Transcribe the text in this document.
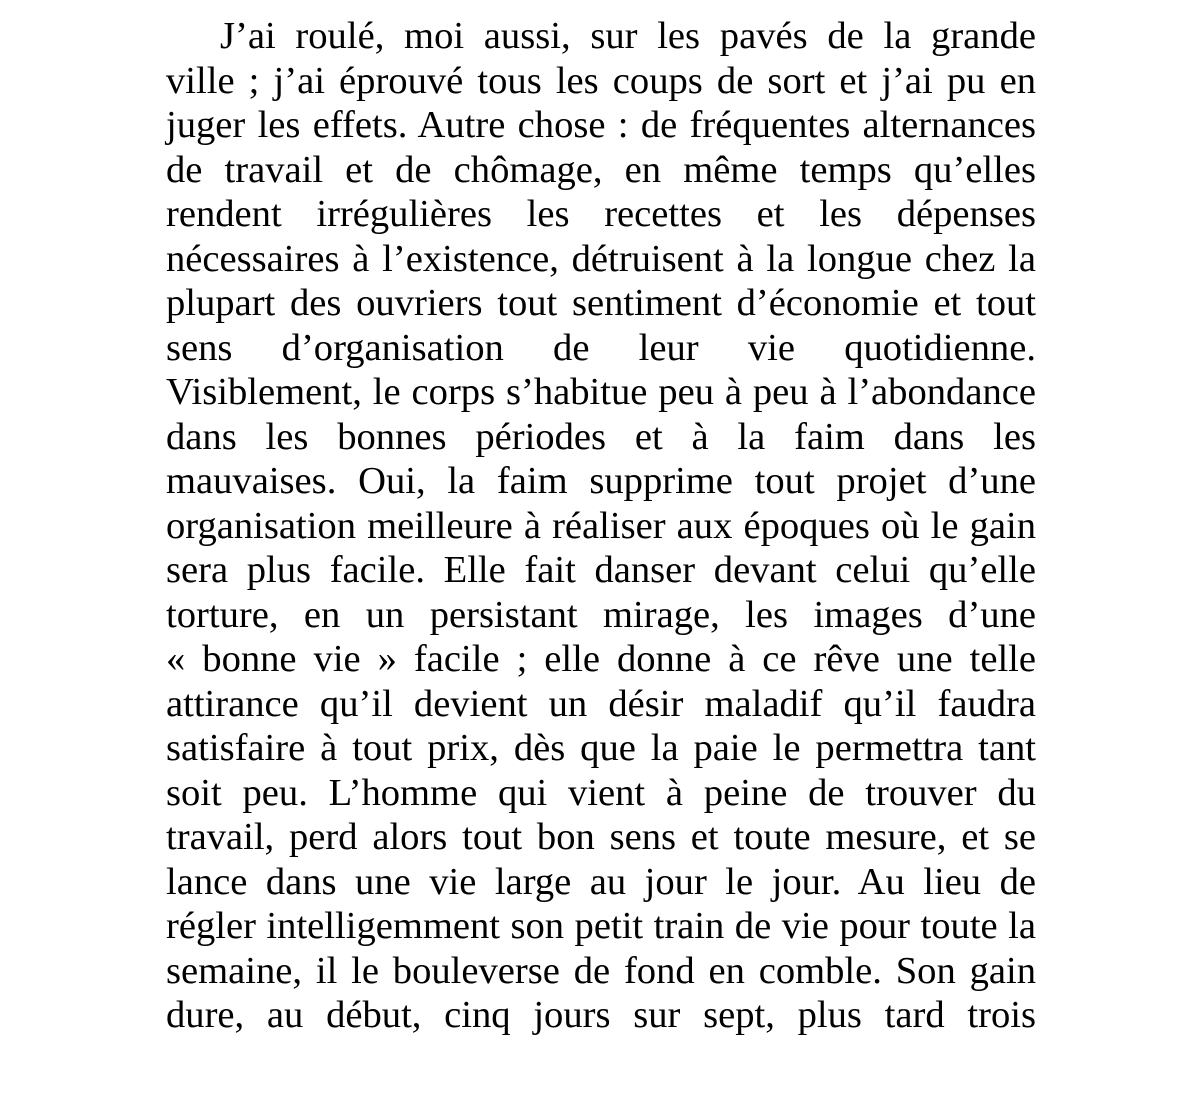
J’ai roulé, moi aussi, sur les pavés de la grande
ville ; j’ai éprouvé tous les coups de sort et j’ai pu en
juger les effets. Autre chose : de fréquentes alternances
de travail et de chômage, en même temps qu’elles
rendent irrégulières les recettes et les dépenses
nécessaires à l’existence, détruisent à la longue chez la
plupart des ouvriers tout sentiment d’économie et tout
sens d’organisation de leur vie quotidienne.
Visiblement, le corps s’habitue peu à peu à l’abondance
dans les bonnes périodes et à la faim dans les
mauvaises. Oui, la faim supprime tout projet d’une
organisation meilleure à réaliser aux époques où le gain
sera plus facile. Elle fait danser devant celui qu’elle
torture, en un persistant mirage, les images d’une
« bonne vie » facile ; elle donne à ce rêve une telle
attirance qu’il devient un désir maladif qu’il faudra
satisfaire à tout prix, dès que la paie le permettra tant
soit peu. L’homme qui vient à peine de trouver du
travail, perd alors tout bon sens et toute mesure, et se
lance dans une vie large au jour le jour. Au lieu de
régler intelligemment son petit train de vie pour toute la
semaine, il le bouleverse de fond en comble. Son gain
dure, au début, cinq jours sur sept, plus tard trois
